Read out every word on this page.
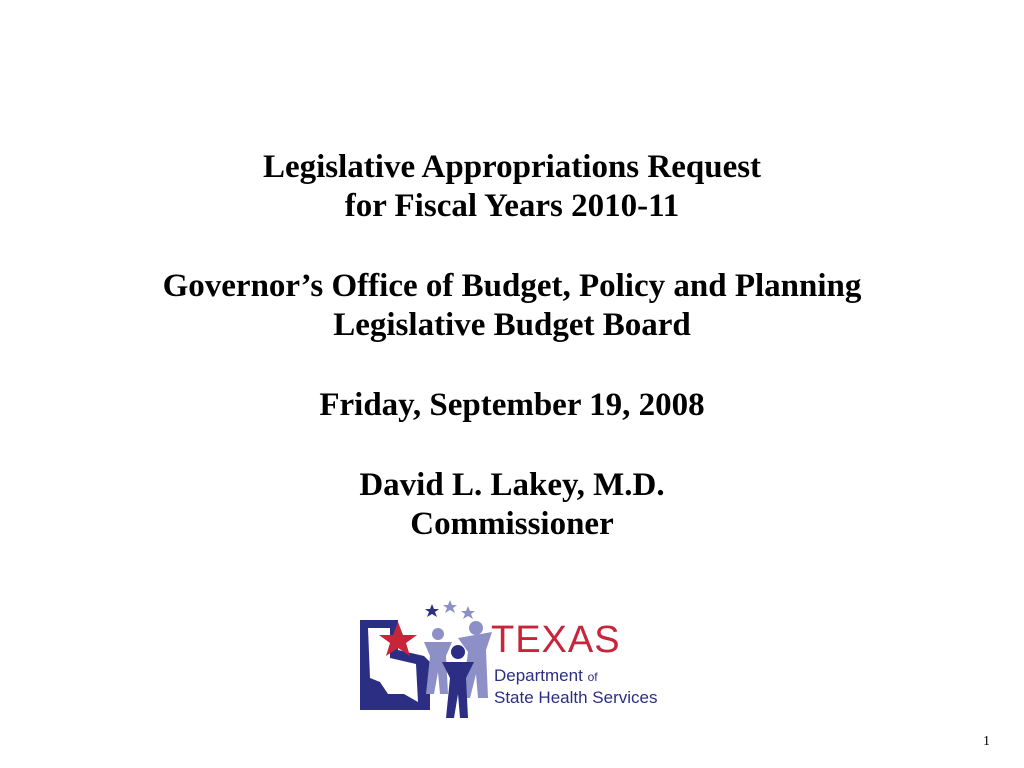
Legislative Appropriations Request
for Fiscal Years 2010-11
Governor’s Office of Budget, Policy and Planning
Legislative Budget Board
Friday, September 19, 2008
David L. Lakey, M.D.
Commissioner
TEXAS
Department of
State Health Services
1
